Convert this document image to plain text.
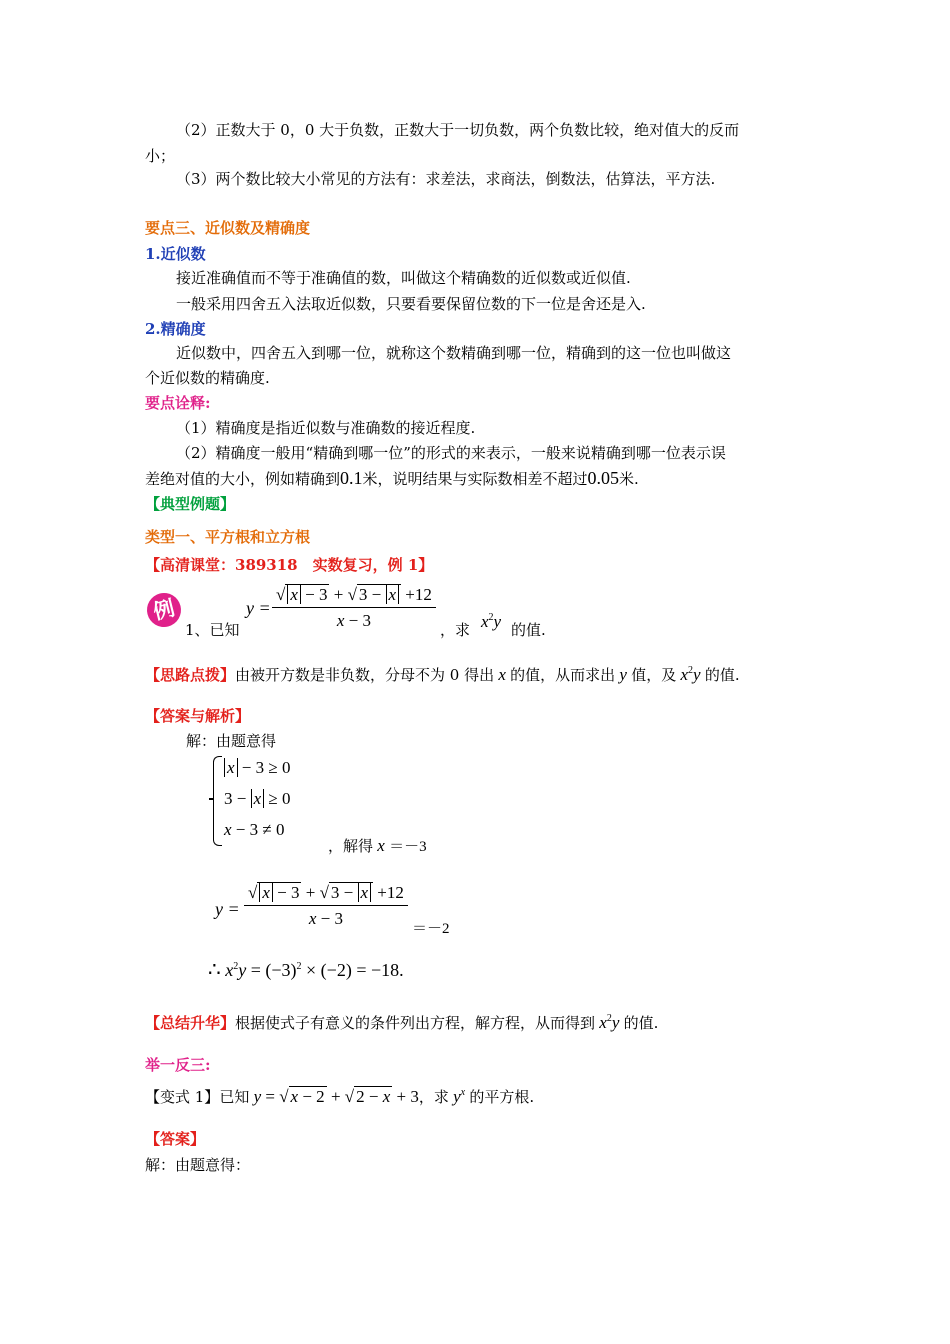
（2）正数大于 0，0 大于负数，正数大于一切负数，两个负数比较，绝对值大的反而
小；
（3）两个数比较大小常见的方法有：求差法，求商法，倒数法，估算法，平方法.
要点三、近似数及精确度
1.近似数
接近准确值而不等于准确值的数，叫做这个精确数的近似数或近似值.
一般采用四舍五入法取近似数，只要看要保留位数的下一位是舍还是入.
2.精确度
近似数中，四舍五入到哪一位，就称这个数精确到哪一位，精确到的这一位也叫做这
个近似数的精确度.
要点诠释:
（1）精确度是指近似数与准确数的接近程度.
（2）精确度一般用“精确到哪一位”的形式的来表示，一般来说精确到哪一位表示误
差绝对值的大小，例如精确到0.1米，说明结果与实际数相差不超过0.05米.
【典型例题】
类型一、平方根和立方根
【高清课堂：389318　实数复习，例 1】
例
1、已知
$y = \frac{√ x - 3 + √ 3 - x +12}{x - 3}$ ，求 $x^2y$ 的值.
【思路点拨】由被开方数是非负数，分母不为 0 得出 x 的值，从而求出 y 值，及 $x^2y$ 的值.
【答案与解析】
解：由题意得
x − 3 ≥ 0
3 − x ≥ 0
x − 3 ≠ 0
，解得 x ＝－3
$y = \frac{√ x - 3 + √ 3 - x +12}{x - 3} =-2$
∴ $x^2y = (-3)^2 \times (-2) = -18$.
【总结升华】根据使式子有意义的条件列出方程，解方程，从而得到 $x^2y$ 的值.
举一反三:
【变式 1】已知 y = √ x − 2 + √ 2 − x + 3，求 $y^x$ 的平方根.
【答案】
解：由题意得：
